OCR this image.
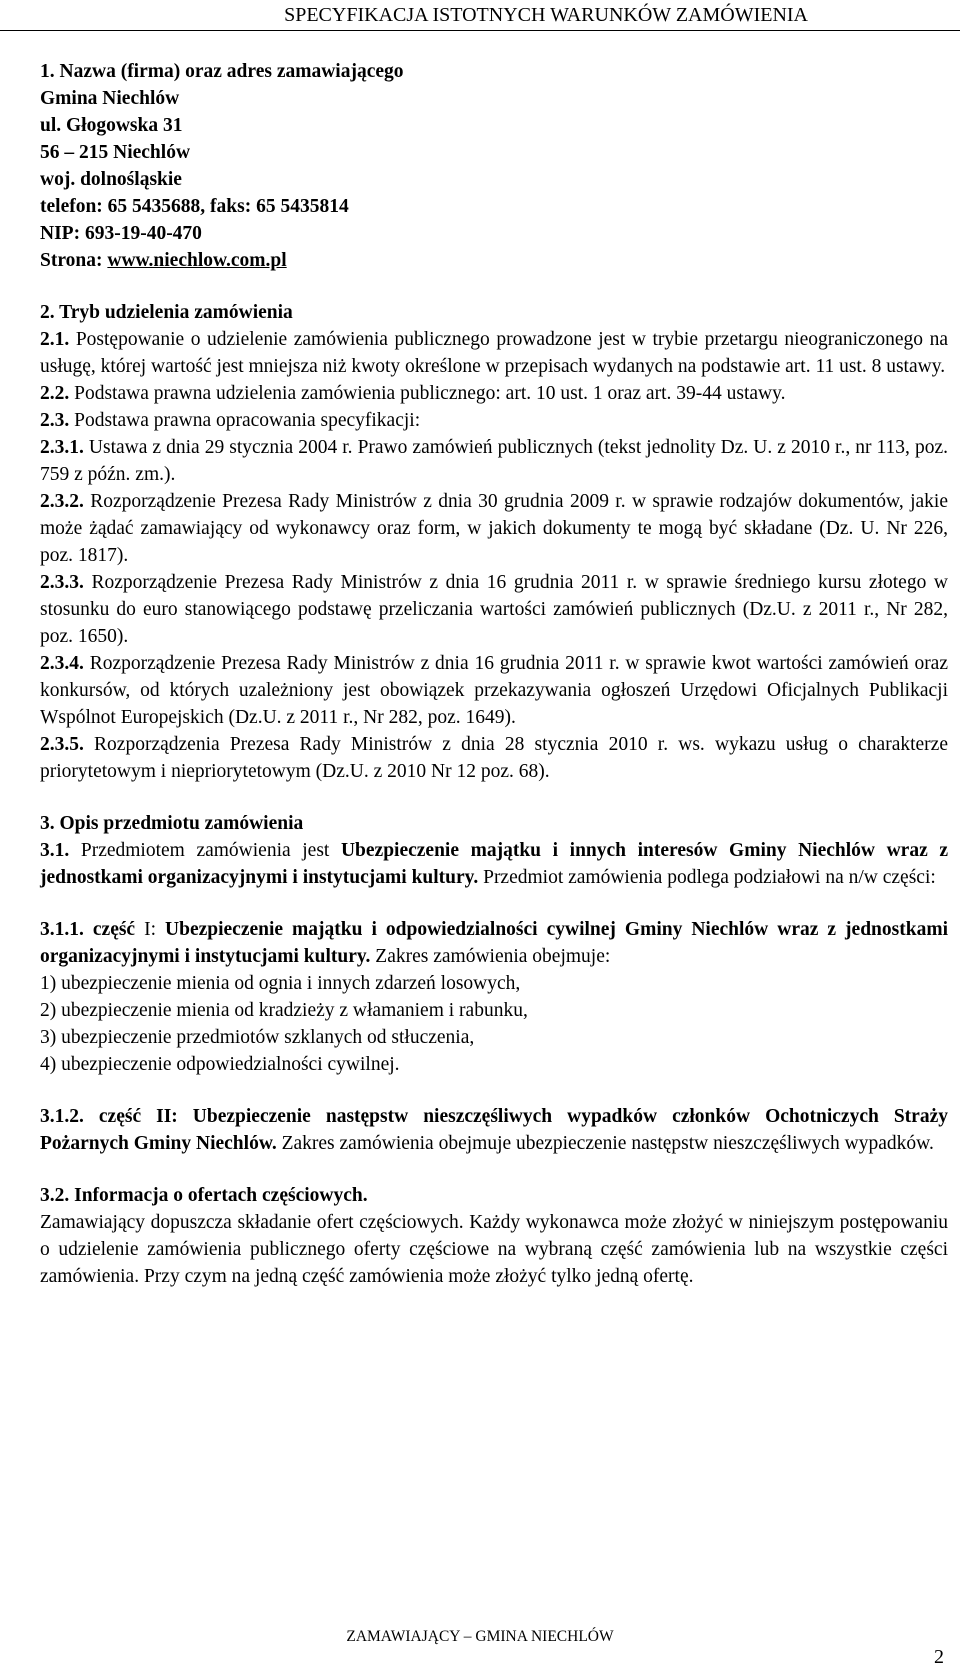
SPECYFIKACJA ISTOTNYCH WARUNKÓW ZAMÓWIENIA

1. Nazwa (firma) oraz adres zamawiającego

Gmina Niechlów

ul. Głogowska 31

56 – 215 Niechlów

woj. dolnośląskie

telefon: 65 5435688, faks: 65 5435814

NIP: 693-19-40-470

Strona: www.niechlow.com.pl

2. Tryb udzielenia zamówienia

2.1. Postępowanie o udzielenie zamówienia publicznego prowadzone jest w trybie przetargu nieograniczonego na usługę, której wartość jest mniejsza niż kwoty określone w przepisach wydanych na podstawie art. 11 ust. 8 ustawy.

2.2. Podstawa prawna udzielenia zamówienia publicznego: art. 10 ust. 1 oraz art. 39-44 ustawy.

2.3. Podstawa prawna opracowania specyfikacji:

2.3.1. Ustawa z dnia 29 stycznia 2004 r. Prawo zamówień publicznych (tekst jednolity Dz. U. z 2010 r., nr 113, poz. 759 z późn. zm.).

2.3.2. Rozporządzenie Prezesa Rady Ministrów z dnia 30 grudnia 2009 r. w sprawie rodzajów dokumentów, jakie może żądać zamawiający od wykonawcy oraz form, w jakich dokumenty te mogą być składane (Dz. U. Nr 226, poz. 1817).

2.3.3. Rozporządzenie Prezesa Rady Ministrów z dnia 16 grudnia 2011 r. w sprawie średniego kursu złotego w stosunku do euro stanowiącego podstawę przeliczania wartości zamówień publicznych (Dz.U. z 2011 r., Nr 282, poz. 1650).

2.3.4. Rozporządzenie Prezesa Rady Ministrów z dnia 16 grudnia 2011 r. w sprawie kwot wartości zamówień oraz konkursów, od których uzależniony jest obowiązek przekazywania ogłoszeń Urzędowi Oficjalnych Publikacji Wspólnot Europejskich (Dz.U. z 2011 r., Nr 282, poz. 1649).

2.3.5. Rozporządzenia Prezesa Rady Ministrów z dnia 28 stycznia 2010 r. ws. wykazu usług o charakterze priorytetowym i niepriorytetowym (Dz.U. z 2010 Nr 12 poz. 68).

3. Opis przedmiotu zamówienia

3.1. Przedmiotem zamówienia jest Ubezpieczenie majątku i innych interesów Gminy Niechlów wraz z jednostkami organizacyjnymi i instytucjami kultury. Przedmiot zamówienia podlega podziałowi na n/w części:

3.1.1. część I: Ubezpieczenie majątku i odpowiedzialności cywilnej Gminy Niechlów wraz z jednostkami organizacyjnymi i instytucjami kultury. Zakres zamówienia obejmuje:

1) ubezpieczenie mienia od ognia i innych zdarzeń losowych,

2) ubezpieczenie mienia od kradzieży z włamaniem i rabunku,

3) ubezpieczenie przedmiotów szklanych od stłuczenia,

4) ubezpieczenie odpowiedzialności cywilnej.

3.1.2. część II: Ubezpieczenie następstw nieszczęśliwych wypadków członków Ochotniczych Straży Pożarnych Gminy Niechlów. Zakres zamówienia obejmuje ubezpieczenie następstw nieszczęśliwych wypadków.

3.2. Informacja o ofertach częściowych.

Zamawiający dopuszcza składanie ofert częściowych. Każdy wykonawca może złożyć w niniejszym postępowaniu o udzielenie zamówienia publicznego oferty częściowe na wybraną część zamówienia lub na wszystkie części zamówienia. Przy czym na jedną część zamówienia może złożyć tylko jedną ofertę.

ZAMAWIAJĄCY – GMINA NIECHLÓW
2
